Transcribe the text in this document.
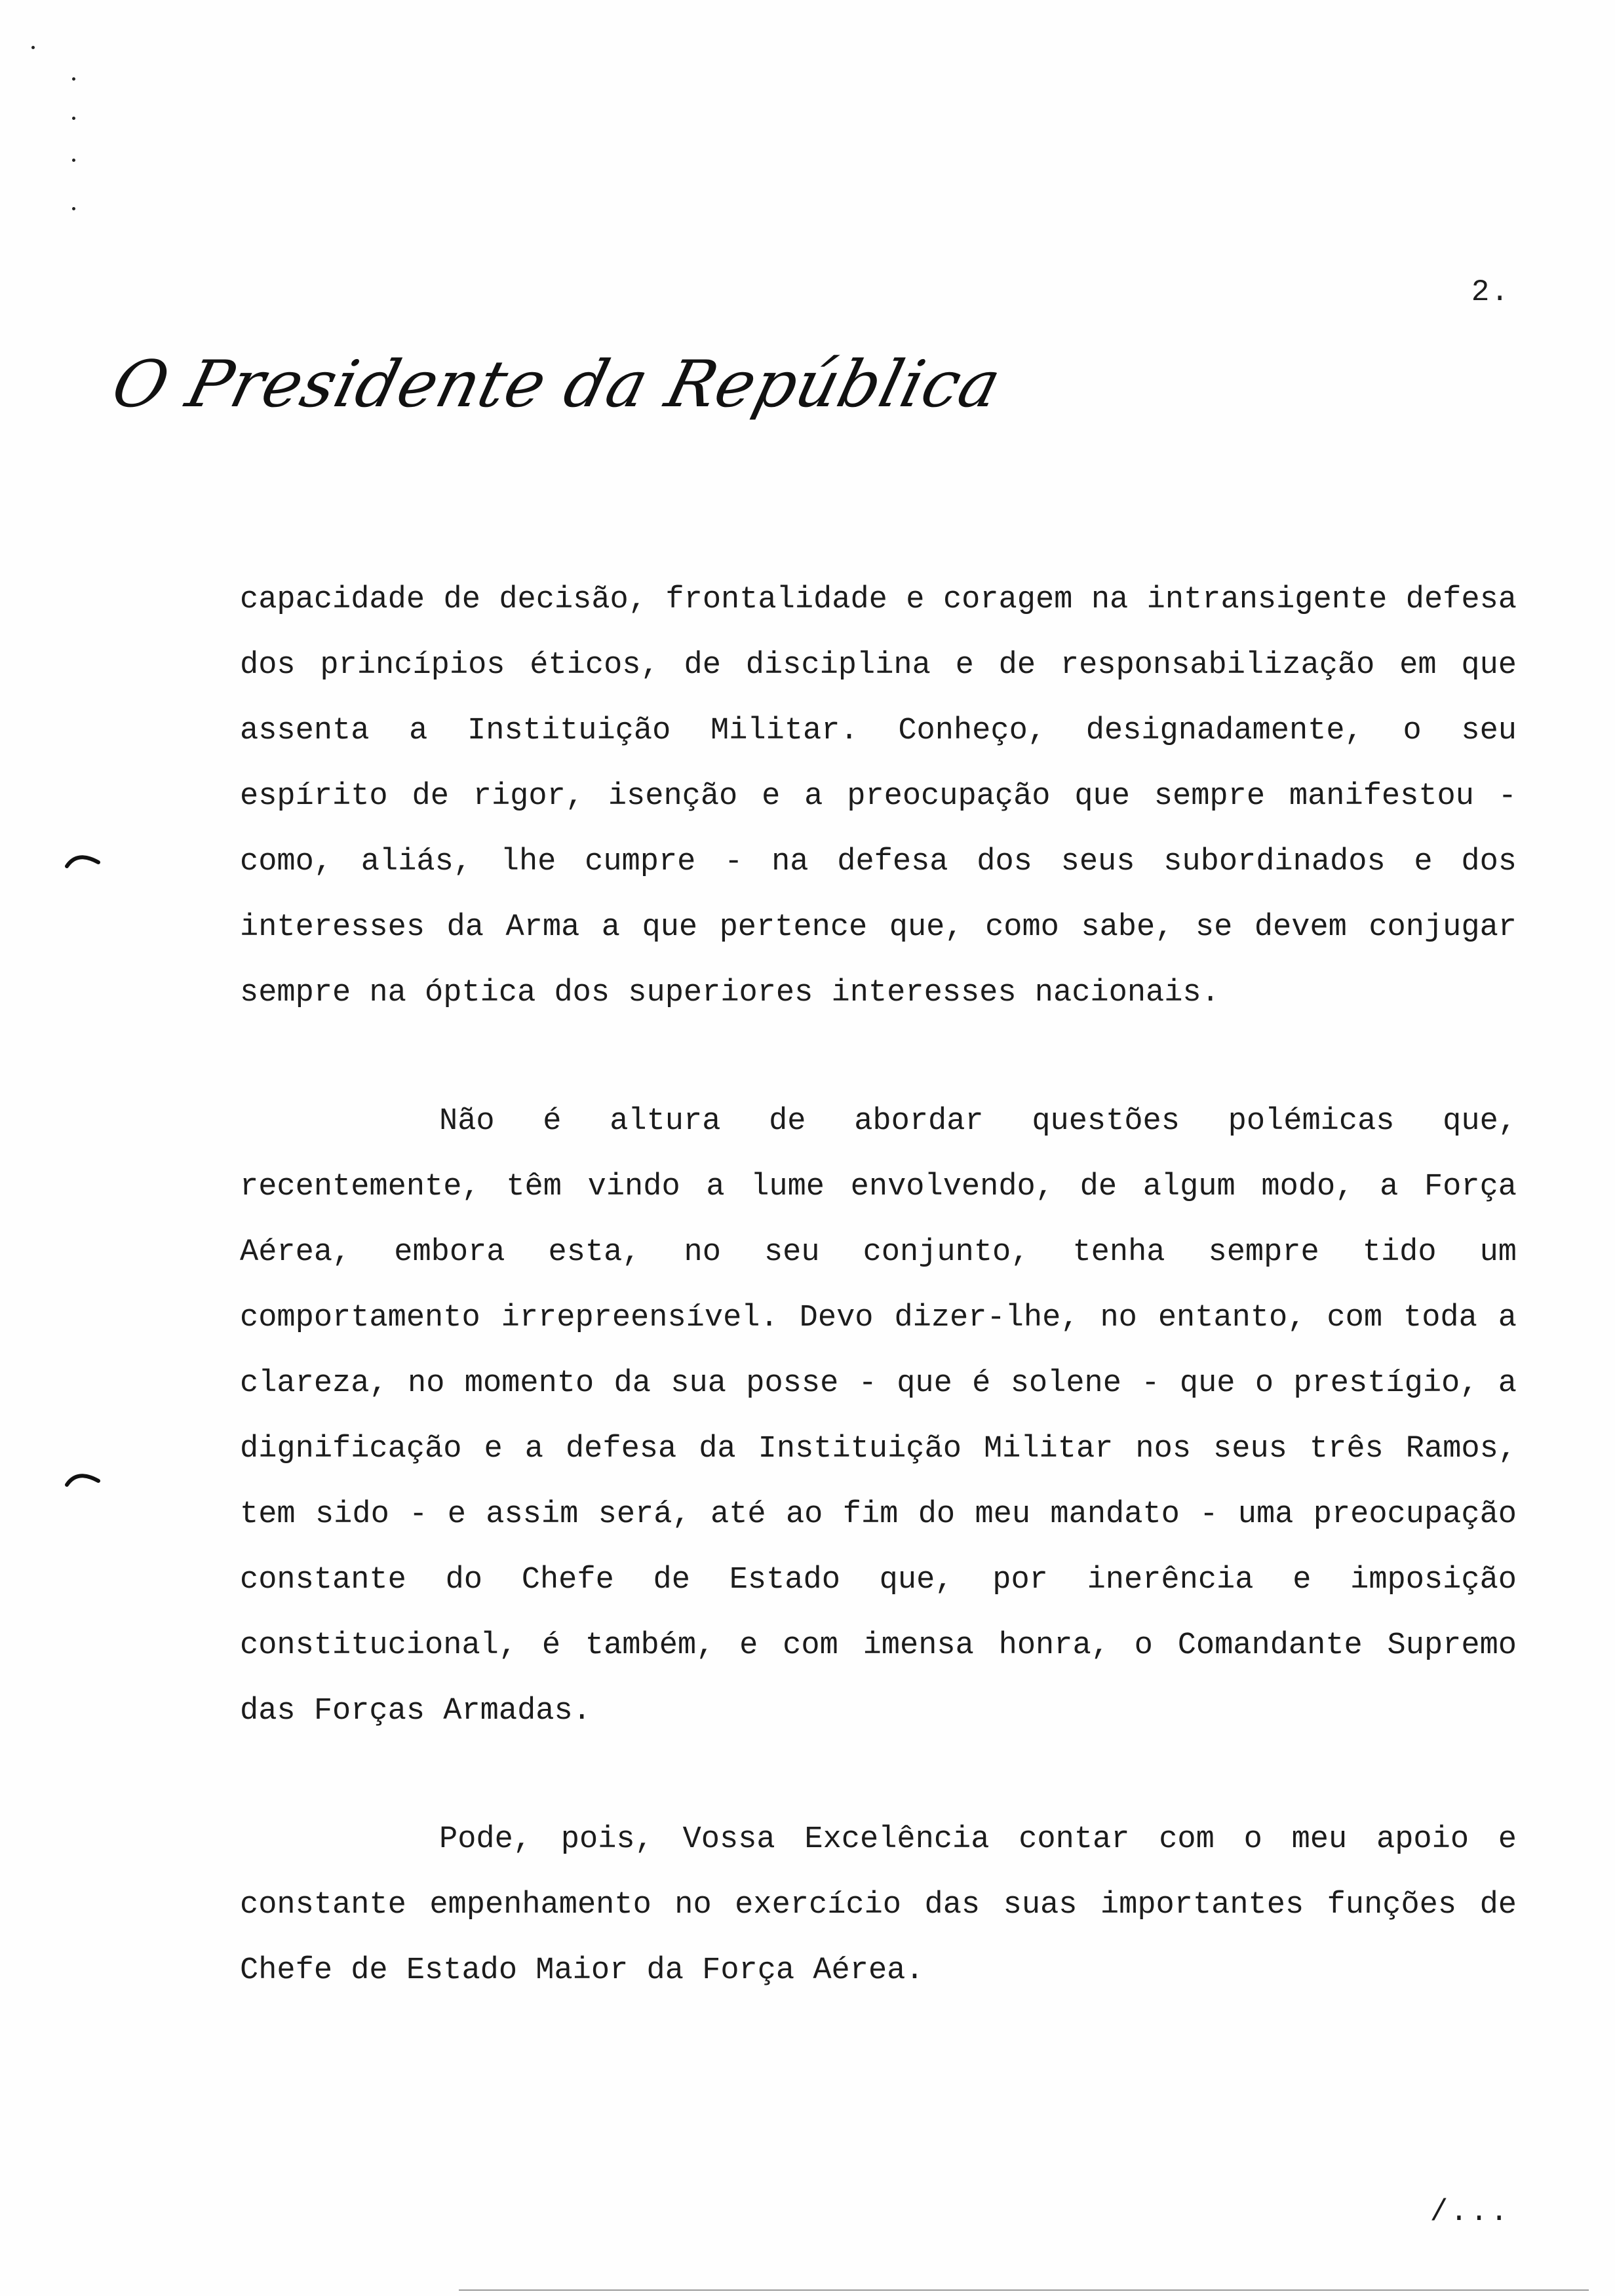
2.
O Presidente da República

capacidade de decisão, frontalidade e coragem na intransigente defesa dos princípios éticos, de disciplina e de responsabilização em que assenta a Instituição Militar. Conheço, designadamente, o seu espírito de rigor, isenção e a preocupação que sempre manifestou - como, aliás, lhe cumpre - na defesa dos seus subordinados e dos interesses da Arma a que pertence que, como sabe, se devem conjugar sempre na óptica dos superiores interesses nacionais.

Não é altura de abordar questões polémicas que, recentemente, têm vindo a lume envolvendo, de algum modo, a Força Aérea, embora esta, no seu conjunto, tenha sempre tido um comportamento irrepreensível. Devo dizer-lhe, no entanto, com toda a clareza, no momento da sua posse - que é solene - que o prestígio, a dignificação e a defesa da Instituição Militar nos seus três Ramos, tem sido - e assim será, até ao fim do meu mandato - uma preocupação constante do Chefe de Estado que, por inerência e imposição constitucional, é também, e com imensa honra, o Comandante Supremo das Forças Armadas.

Pode, pois, Vossa Excelência contar com o meu apoio e constante empenhamento no exercício das suas importantes funções de Chefe de Estado Maior da Força Aérea.

/...
